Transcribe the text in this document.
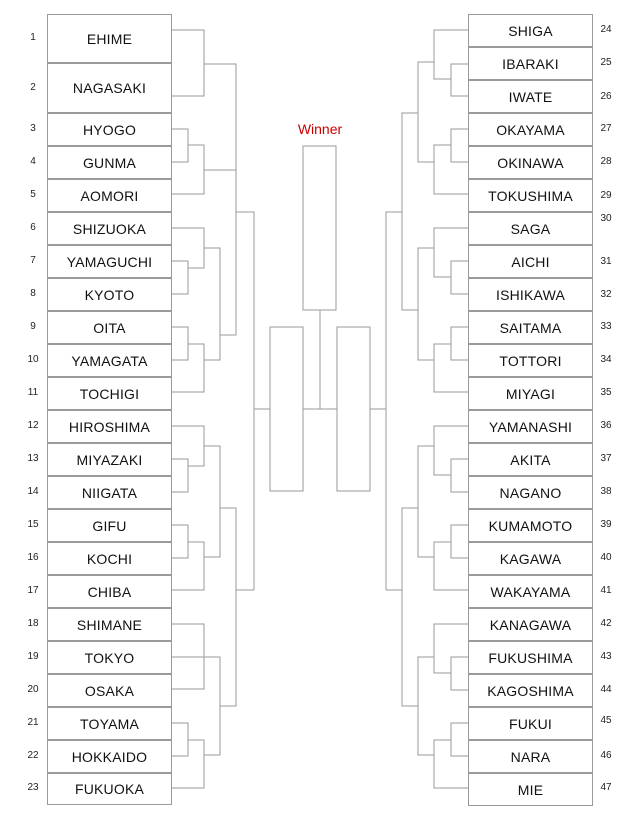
Winner
EHIME
NAGASAKI
HYOGO
GUNMA
AOMORI
SHIZUOKA
YAMAGUCHI
KYOTO
OITA
YAMAGATA
TOCHIGI
HIROSHIMA
MIYAZAKI
NIIGATA
GIFU
KOCHI
CHIBA
SHIMANE
TOKYO
OSAKA
TOYAMA
HOKKAIDO
FUKUOKA
SHIGA
IBARAKI
IWATE
OKAYAMA
OKINAWA
TOKUSHIMA
SAGA
AICHI
ISHIKAWA
SAITAMA
TOTTORI
MIYAGI
YAMANASHI
AKITA
NAGANO
KUMAMOTO
KAGAWA
WAKAYAMA
KANAGAWA
FUKUSHIMA
KAGOSHIMA
FUKUI
NARA
MIE
1
2
3
4
5
6
7
8
9
10
11
12
13
14
15
16
17
18
19
20
21
22
23
24
25
26
27
28
29
30
31
32
33
34
35
36
37
38
39
40
41
42
43
44
45
46
47
